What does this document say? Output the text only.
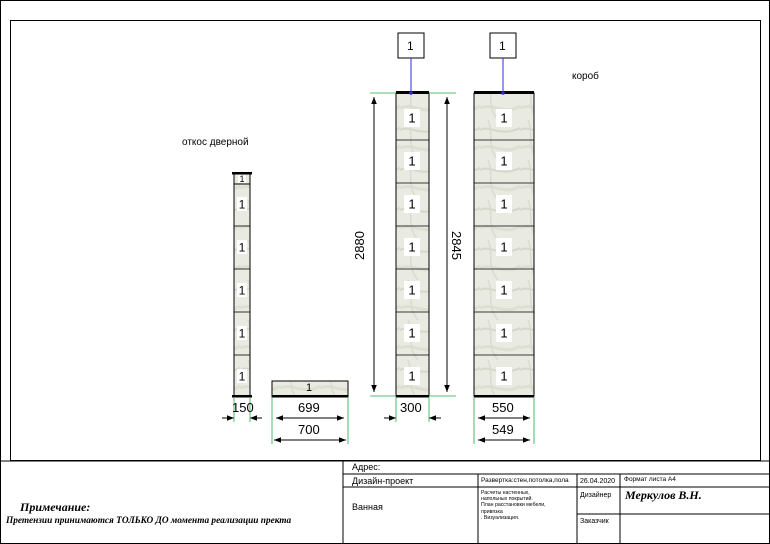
1
1
1
1
1
1
1
1
1
1
1
1
1
1
1
1
1
1
1
1
откос дверной
короб
1	1
1
150	699
700
300	550
549
2880	2845
Примечание:
Претензии принимаются ТОЛЬКО ДО момента реализации пректа
Адрес:
Дизайн-проект
Ванная
Развертка:стен,потолка,пола 26.04.2020 Формат листа А4
Расчеты настенных,
напольных покрытий.
План расстановки мебели,
привязка
. Визуализация.
Дизайнер Меркулов В.Н.
Заказчик
